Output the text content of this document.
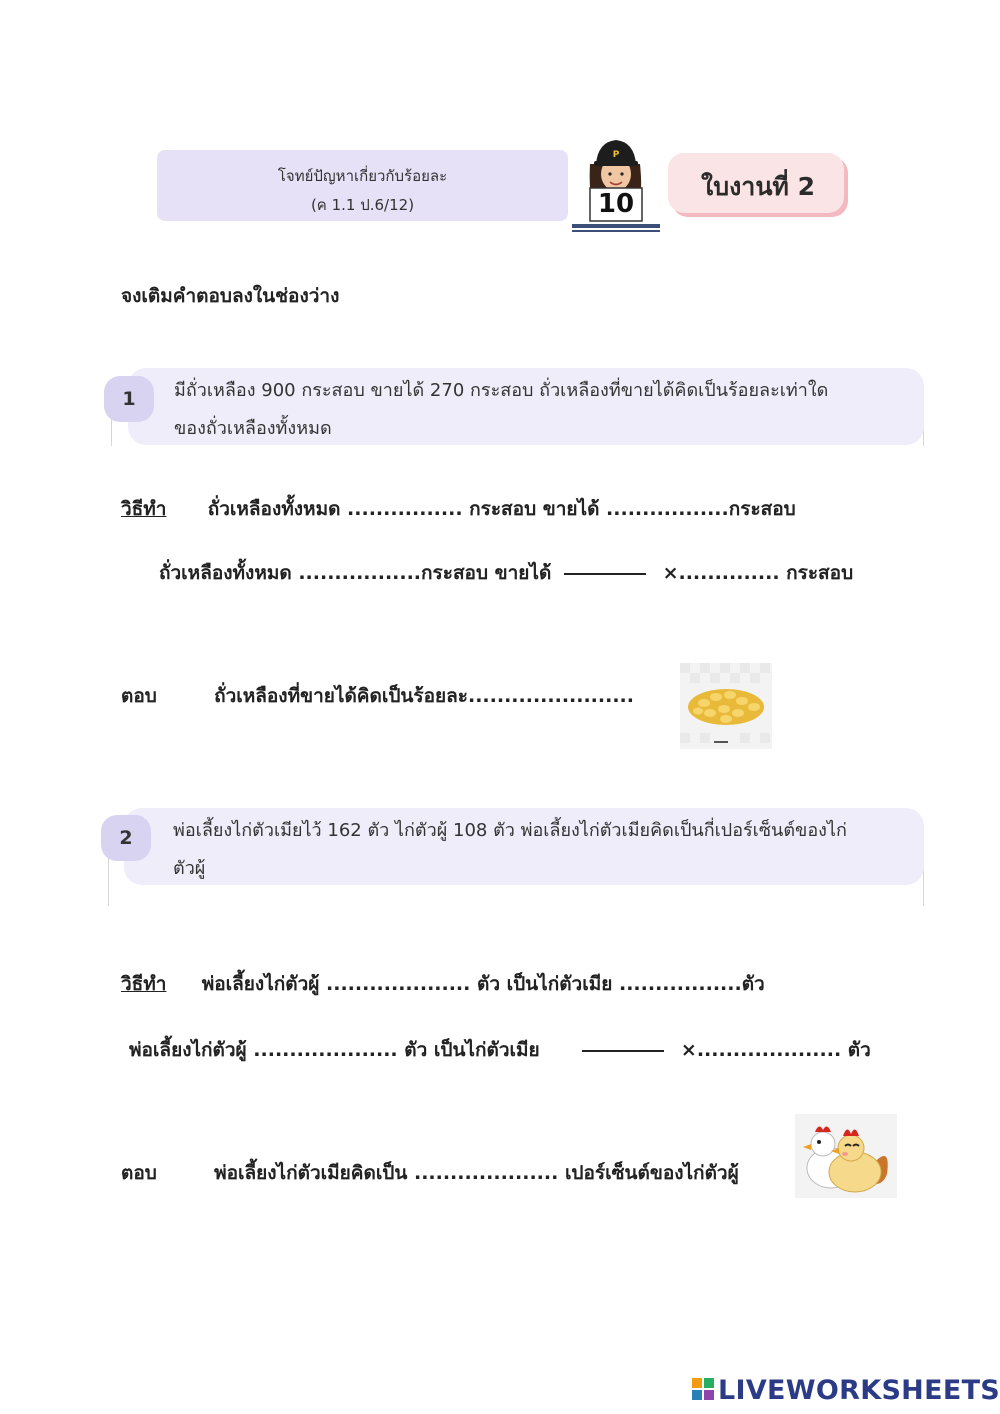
โจทย์ปัญหาเกี่ยวกับร้อยละ
(ค 1.1 ป.6/12)
P
10
ใบงานที่ 2
จงเติมคำตอบลงในช่องว่าง
1	มีถั่วเหลือง 900 กระสอบ ขายได้ 270 กระสอบ ถั่วเหลืองที่ขายได้คิดเป็นร้อยละเท่าใด
ของถั่วเหลืองทั้งหมด
วิธีทำ ถั่วเหลืองทั้งหมด ................ กระสอบ ขายได้ .................กระสอบ
ถั่วเหลืองทั้งหมด .................กระสอบ ขายได้	×.............. กระสอบ
ตอบ	ถั่วเหลืองที่ขายได้คิดเป็นร้อยละ.......................
2	พ่อเลี้ยงไก่ตัวเมียไว้ 162 ตัว ไก่ตัวผู้ 108 ตัว พ่อเลี้ยงไก่ตัวเมียคิดเป็นกี่เปอร์เซ็นต์ของไก่
ตัวผู้
วิธีทำ พ่อเลี้ยงไก่ตัวผู้ .................... ตัว เป็นไก่ตัวเมีย .................ตัว
พ่อเลี้ยงไก่ตัวผู้ .................... ตัว เป็นไก่ตัวเมีย	×.................... ตัว
ตอบ	พ่อเลี้ยงไก่ตัวเมียคิดเป็น .................... เปอร์เซ็นต์ของไก่ตัวผู้
LIVEWORKSHEETS
